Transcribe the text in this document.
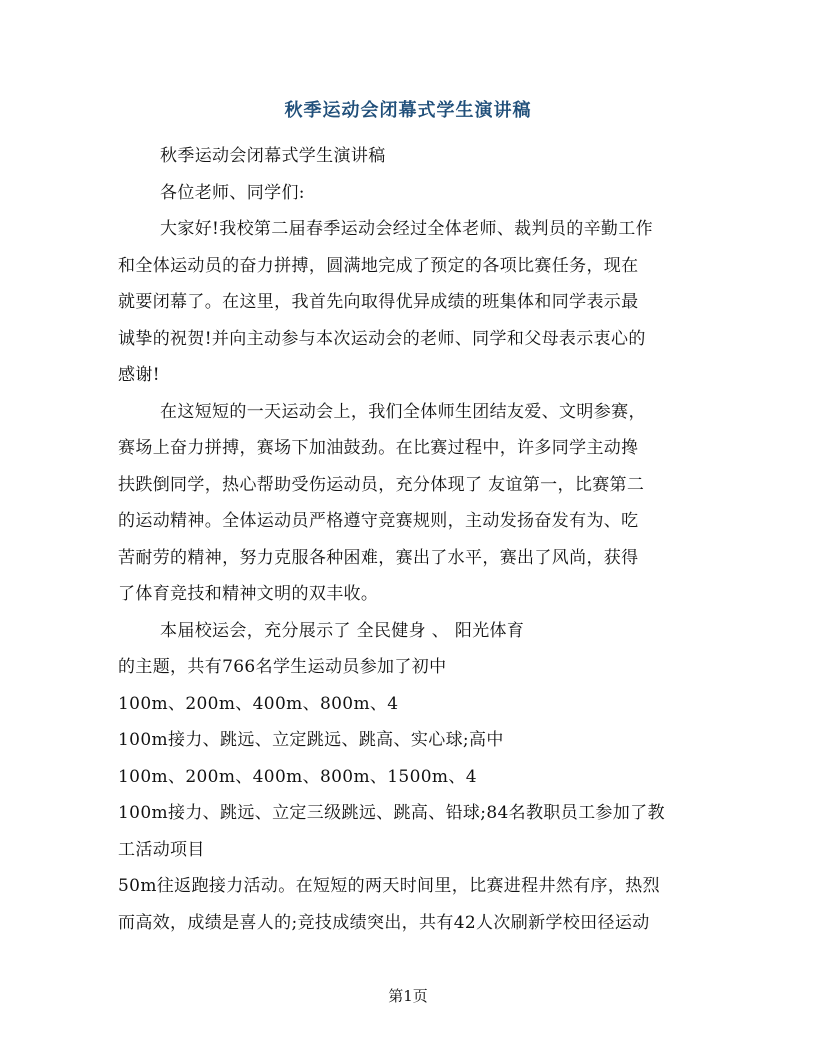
秋季运动会闭幕式学生演讲稿
秋季运动会闭幕式学生演讲稿
各位老师、同学们:
大家好!我校第二届春季运动会经过全体老师、裁判员的辛勤工作
和全体运动员的奋力拼搏，圆满地完成了预定的各项比赛任务，现在
就要闭幕了。在这里，我首先向取得优异成绩的班集体和同学表示最
诚挚的祝贺!并向主动参与本次运动会的老师、同学和父母表示衷心的
感谢!
在这短短的一天运动会上，我们全体师生团结友爱、文明参赛，
赛场上奋力拼搏，赛场下加油鼓劲。在比赛过程中，许多同学主动搀
扶跌倒同学，热心帮助受伤运动员，充分体现了 友谊第一，比赛第二
的运动精神。全体运动员严格遵守竞赛规则，主动发扬奋发有为、吃
苦耐劳的精神，努力克服各种困难，赛出了水平，赛出了风尚，获得
了体育竞技和精神文明的双丰收。
本届校运会，充分展示了 全民健身 、 阳光体育
的主题，共有766名学生运动员参加了初中
100m、200m、400m、800m、4
100m接力、跳远、立定跳远、跳高、实心球;高中
100m、200m、400m、800m、1500m、4
100m接力、跳远、立定三级跳远、跳高、铅球;84名教职员工参加了教
工活动项目
50m往返跑接力活动。在短短的两天时间里，比赛进程井然有序，热烈
而高效，成绩是喜人的;竞技成绩突出，共有42人次刷新学校田径运动
第1页
